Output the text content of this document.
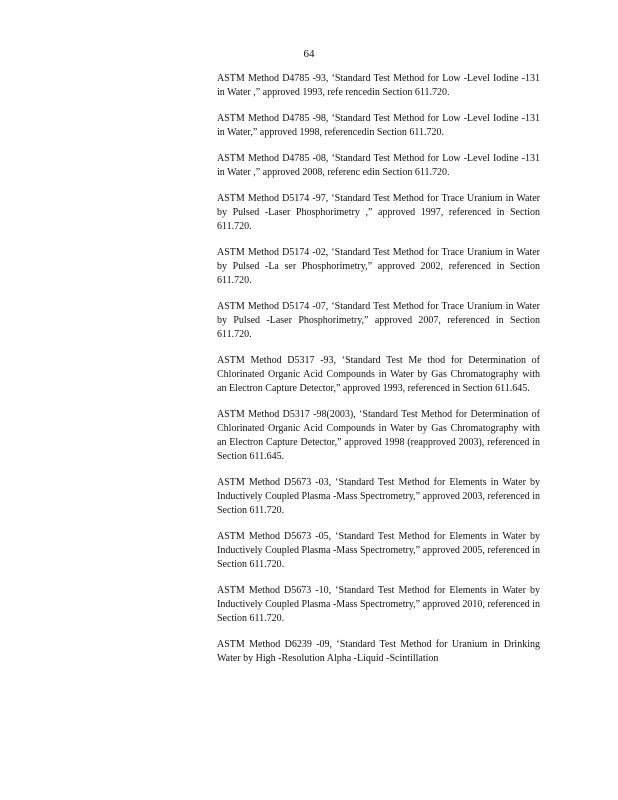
64

ASTM Method D4785 -93, ‘Standard Test Method for Low -Level Iodine -131 in Water ,” approved 1993, refe rencedin Section 611.720.

ASTM Method D4785 -98, ‘Standard Test Method for Low -Level Iodine -131 in Water,” approved 1998, referencedin Section 611.720.

ASTM Method D4785 -08, ‘Standard Test Method for Low -Level Iodine -131 in Water ,” approved 2008, referenc edin Section 611.720.

ASTM Method D5174 -97, ‘Standard Test Method for Trace Uranium in Water by Pulsed -Laser Phosphorimetry ,” approved 1997, referenced in Section 611.720.

ASTM Method D5174 -02, ‘Standard Test Method for Trace Uranium in Water by Pulsed -La ser Phosphorimetry,” approved 2002, referenced in Section 611.720.

ASTM Method D5174 -07, ‘Standard Test Method for Trace Uranium in Water by Pulsed -Laser Phosphorimetry,” approved 2007, referenced in Section 611.720.

ASTM Method D5317 -93, ‘Standard Test Me thod for Determination of Chlorinated Organic Acid Compounds in Water by Gas Chromatography with an Electron Capture Detector,” approved 1993, referenced in Section 611.645.

ASTM Method D5317 -98(2003), ‘Standard Test Method for Determination of Chlorinated Organic Acid Compounds in Water by Gas Chromatography with an Electron Capture Detector,” approved 1998 (reapproved 2003), referenced in Section 611.645.

ASTM Method D5673 -03, ‘Standard Test Method for Elements in Water by Inductively Coupled Plasma -Mass Spectrometry,” approved 2003, referenced in Section 611.720.

ASTM Method D5673 -05, ‘Standard Test Method for Elements in Water by Inductively Coupled Plasma -Mass Spectrometry,” approved 2005, referenced in Section 611.720.

ASTM Method D5673 -10, ‘Standard Test Method for Elements in Water by Inductively Coupled Plasma -Mass Spectrometry,” approved 2010, referenced in Section 611.720.

ASTM Method D6239 -09, ‘Standard Test Method for Uranium in Drinking Water by High -Resolution Alpha -Liquid -Scintillation
